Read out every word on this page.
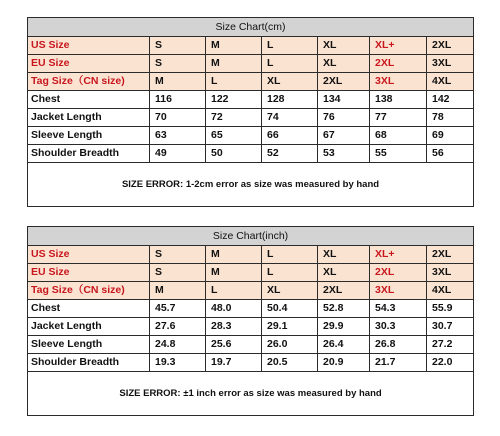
Size Chart(cm)						
US Size	S	M	L	XL	XL+	2XL
EU Size	S	M	L	XL	2XL	3XL
Tag Size（CN size)	M	L	XL	2XL	3XL	4XL
Chest	116	122	128	134	138	142
Jacket Length	70	72	74	76	77	78
Sleeve Length	63	65	66	67	68	69
Shoulder Breadth	49	50	52	53	55	56
SIZE ERROR: 1-2cm error as size was measured by hand						
Size Chart(inch)						
US Size	S	M	L	XL	XL+	2XL
EU Size	S	M	L	XL	2XL	3XL
Tag Size（CN size)	M	L	XL	2XL	3XL	4XL
Chest	45.7	48.0	50.4	52.8	54.3	55.9
Jacket Length	27.6	28.3	29.1	29.9	30.3	30.7
Sleeve Length	24.8	25.6	26.0	26.4	26.8	27.2
Shoulder Breadth	19.3	19.7	20.5	20.9	21.7	22.0
SIZE ERROR: ±1 inch error as size was measured by hand						
